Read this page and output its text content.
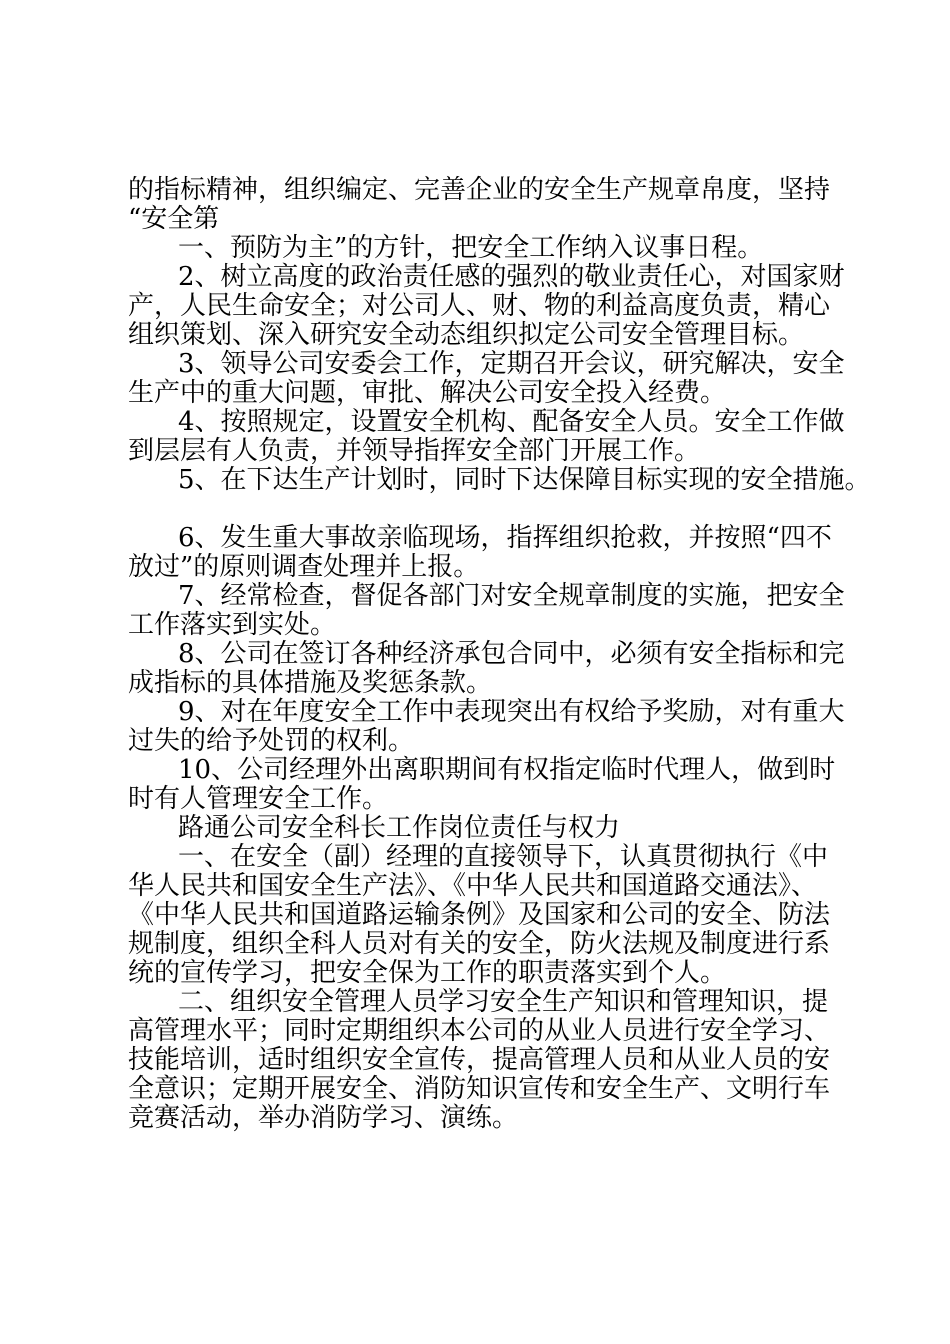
的指标精神，组织编定、完善企业的安全生产规章帛度，坚持
“安全第
一、预防为主”的方针，把安全工作纳入议事日程。
2、树立高度的政治责任感的强烈的敬业责任心，对国家财
产，人民生命安全；对公司人、财、物的利益高度负责，精心
组织策划、深入研究安全动态组织拟定公司安全管理目标。
3、领导公司安委会工作，定期召开会议，研究解决，安全
生产中的重大问题，审批、解决公司安全投入经费。
4、按照规定，设置安全机构、配备安全人员。安全工作做
到层层有人负责，并领导指挥安全部门开展工作。
5、在下达生产计划时，同时下达保障目标实现的安全措施。
6、发生重大事故亲临现场，指挥组织抢救，并按照“四不
放过”的原则调查处理并上报。
7、经常检查，督促各部门对安全规章制度的实施，把安全
工作落实到实处。
8、公司在签订各种经济承包合同中，必须有安全指标和完
成指标的具体措施及奖惩条款。
9、对在年度安全工作中表现突出有权给予奖励，对有重大
过失的给予处罚的权利。
10、公司经理外出离职期间有权指定临时代理人，做到时
时有人管理安全工作。
路通公司安全科长工作岗位责任与权力
一、在安全（副）经理的直接领导下，认真贯彻执行《中
华人民共和国安全生产法》、《中华人民共和国道路交通法》、
《中华人民共和国道路运输条例》及国家和公司的安全、防法
规制度，组织全科人员对有关的安全，防火法规及制度进行系
统的宣传学习，把安全保为工作的职责落实到个人。
二、组织安全管理人员学习安全生产知识和管理知识，提
高管理水平；同时定期组织本公司的从业人员进行安全学习、
技能培训，适时组织安全宣传，提高管理人员和从业人员的安
全意识；定期开展安全、消防知识宣传和安全生产、文明行车
竞赛活动，举办消防学习、演练。
